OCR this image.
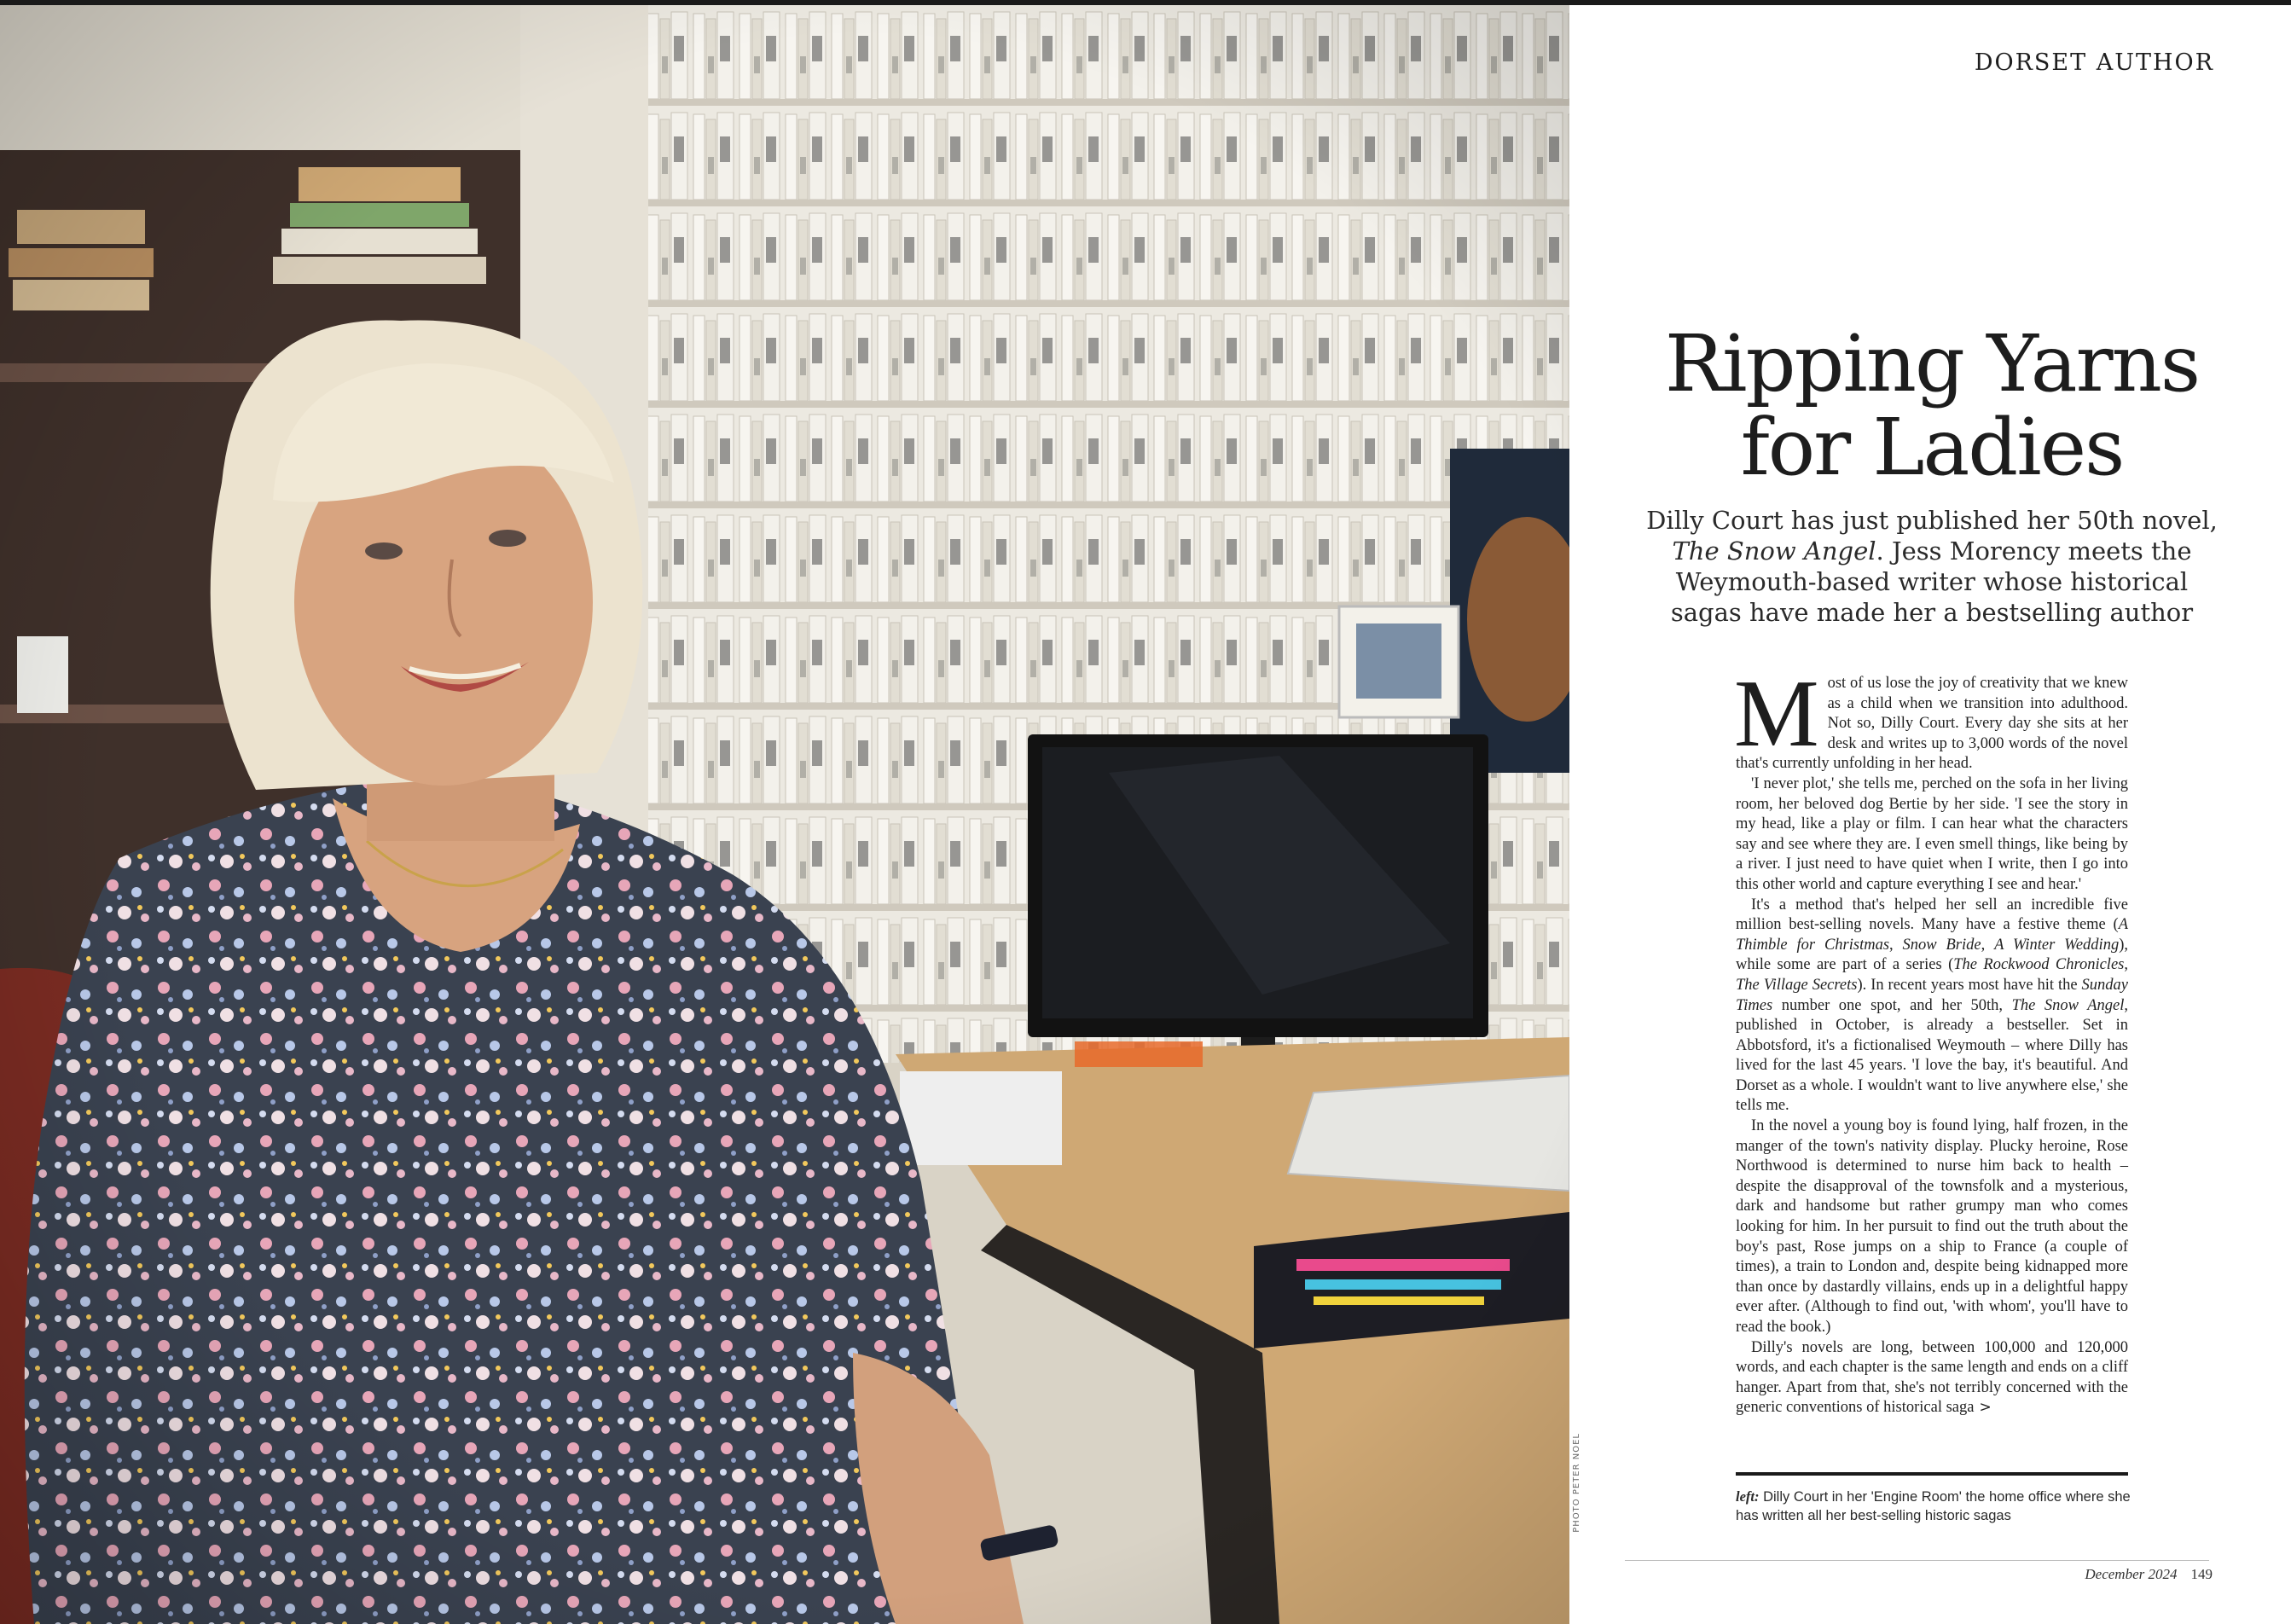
PHOTO PETER NOEL
DORSET AUTHOR
Ripping Yarns for Ladies

Dilly Court has just published her 50th novel, The Snow Angel. Jess Morency meets the Weymouth-based writer whose historical sagas have made her a bestselling author

Most of us lose the joy of creativity that we knew as a child when we transition into adulthood. Not so, Dilly Court. Every day she sits at her desk and writes up to 3,000 words of the novel that's currently unfolding in her head.

'I never plot,' she tells me, perched on the sofa in her living room, her beloved dog Bertie by her side. 'I see the story in my head, like a play or film. I can hear what the characters say and see where they are. I even smell things, like being by a river. I just need to have quiet when I write, then I go into this other world and capture everything I see and hear.'

It's a method that's helped her sell an incredible five million best-selling novels. Many have a festive theme (A Thimble for Christmas, Snow Bride, A Winter Wedding), while some are part of a series (The Rockwood Chronicles, The Village Secrets). In recent years most have hit the Sunday Times number one spot, and her 50th, The Snow Angel, published in October, is already a bestseller. Set in Abbotsford, it's a fictionalised Weymouth – where Dilly has lived for the last 45 years. 'I love the bay, it's beautiful. And Dorset as a whole. I wouldn't want to live anywhere else,' she tells me.

In the novel a young boy is found lying, half frozen, in the manger of the town's nativity display. Plucky heroine, Rose Northwood is determined to nurse him back to health – despite the disapproval of the townsfolk and a mysterious, dark and handsome but rather grumpy man who comes looking for him. In her pursuit to find out the truth about the boy's past, Rose jumps on a ship to France (a couple of times), a train to London and, despite being kidnapped more than once by dastardly villains, ends up in a delightful happy ever after. (Although to find out, 'with whom', you'll have to read the book.)

Dilly's novels are long, between 100,000 and 120,000 words, and each chapter is the same length and ends on a cliff hanger. Apart from that, she's not terribly concerned with the generic conventions of historical saga >

left: Dilly Court in her 'Engine Room' the home office where she has written all her best-selling historic sagas
December 2024 149
